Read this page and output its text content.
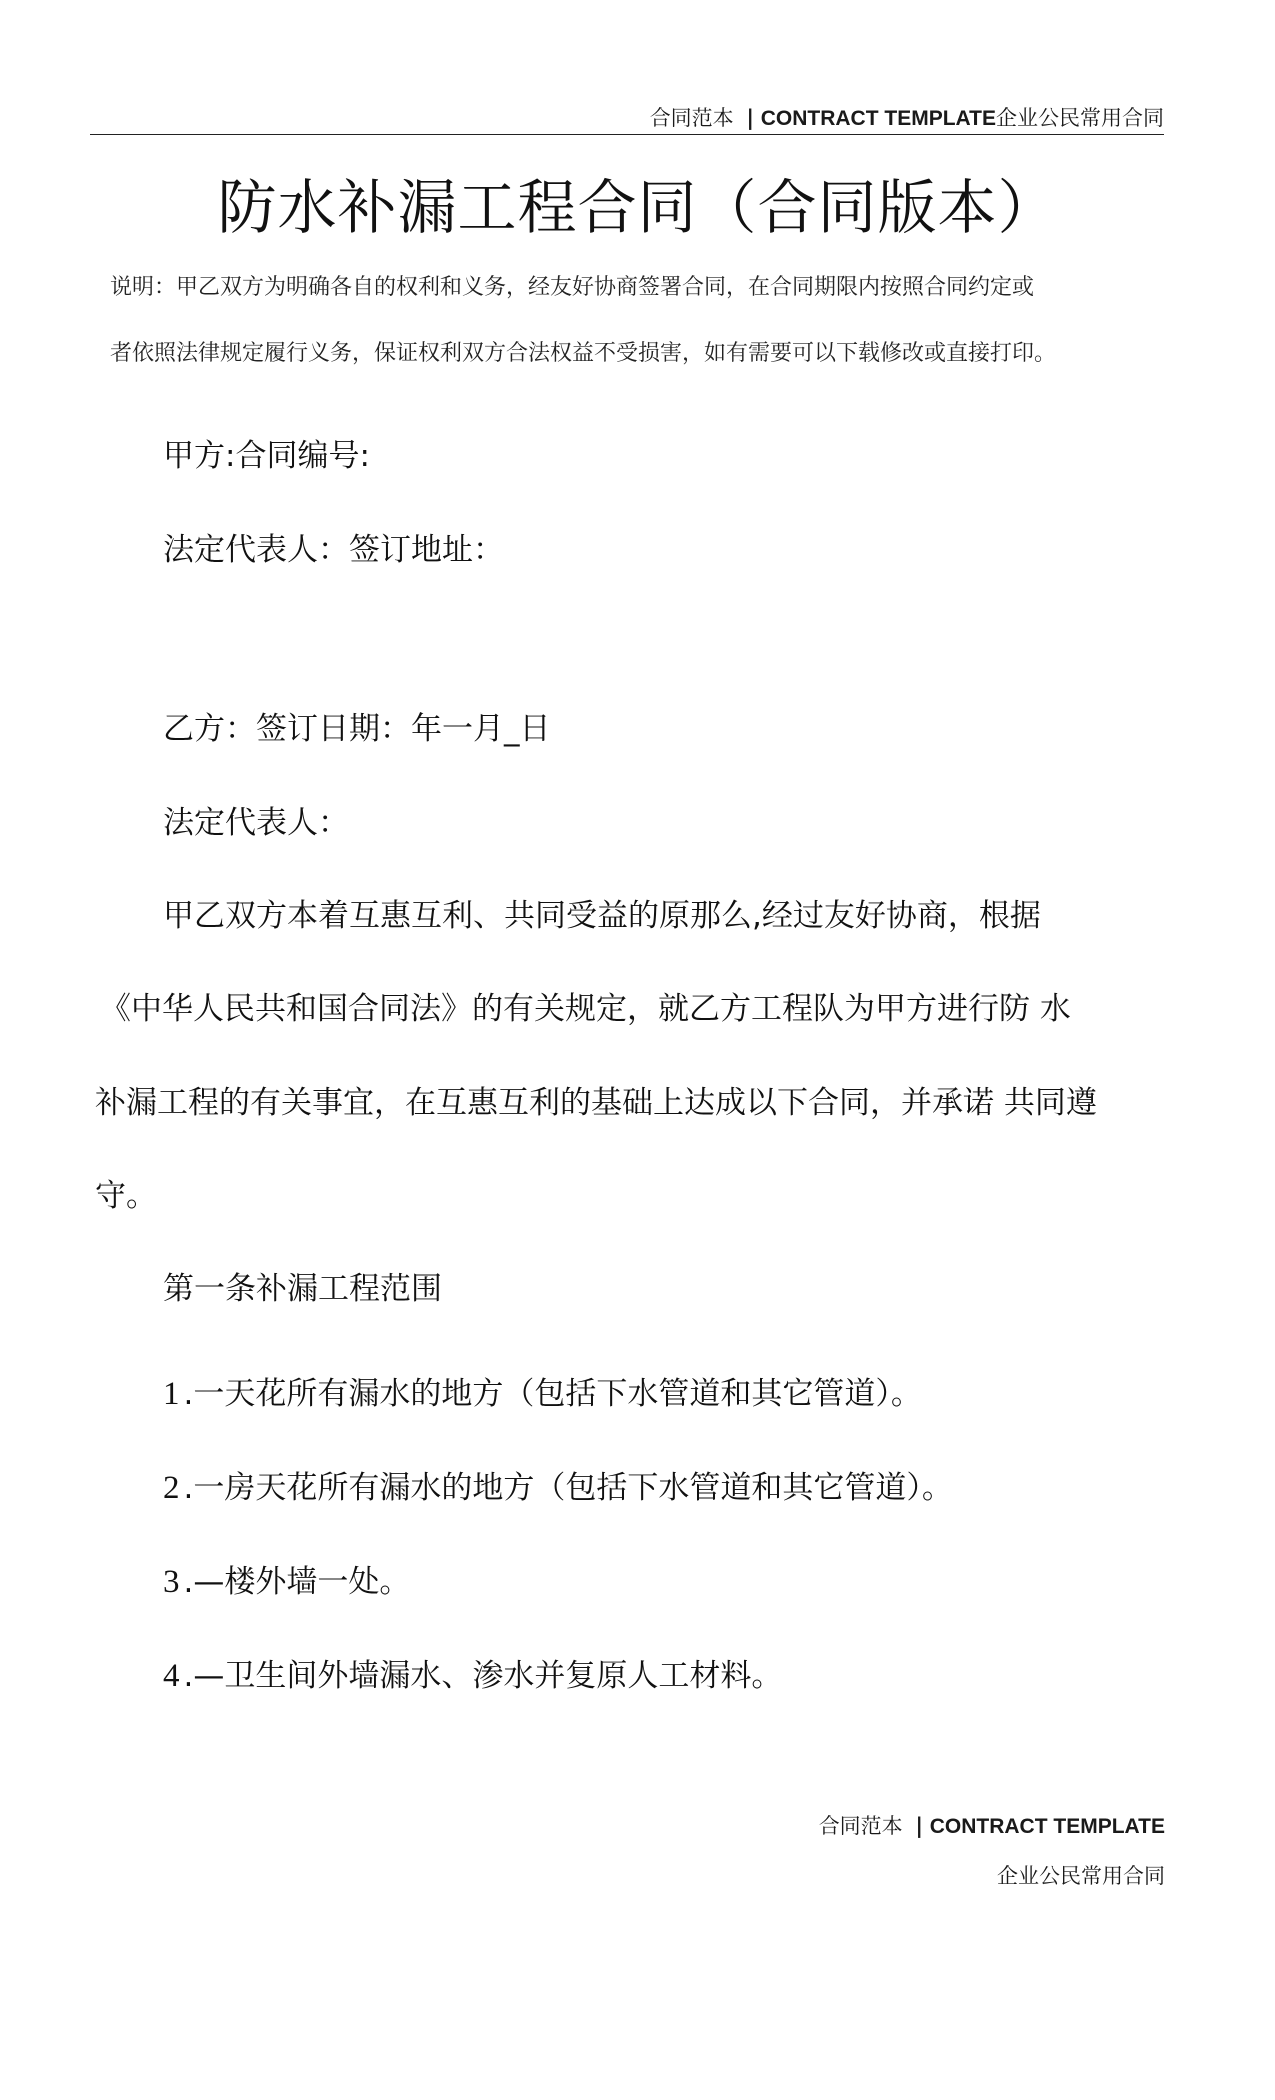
合同范本 | CONTRACT TEMPLATE企业公民常用合同
防水补漏工程合同（合同版本）
说明：甲乙双方为明确各自的权利和义务，经友好协商签署合同，在合同期限内按照合同约定或
者依照法律规定履行义务，保证权利双方合法权益不受损害，如有需要可以下载修改或直接打印。
甲方:合同编号:
法定代表人：签订地址：
乙方：签订日期：年一月_日
法定代表人：
甲乙双方本着互惠互利、共同受益的原那么,经过友好协商，根据
《中华人民共和国合同法》的有关规定，就乙方工程队为甲方进行防 水
补漏工程的有关事宜，在互惠互利的基础上达成以下合同，并承诺 共同遵
守。
第一条补漏工程范围
1 .一天花所有漏水的地方（包括下水管道和其它管道）。
2 .一房天花所有漏水的地方（包括下水管道和其它管道）。
3 .—楼外墙一处。
4 .—卫生间外墙漏水、渗水并复原人工材料。
合同范本 | CONTRACT TEMPLATE
企业公民常用合同
